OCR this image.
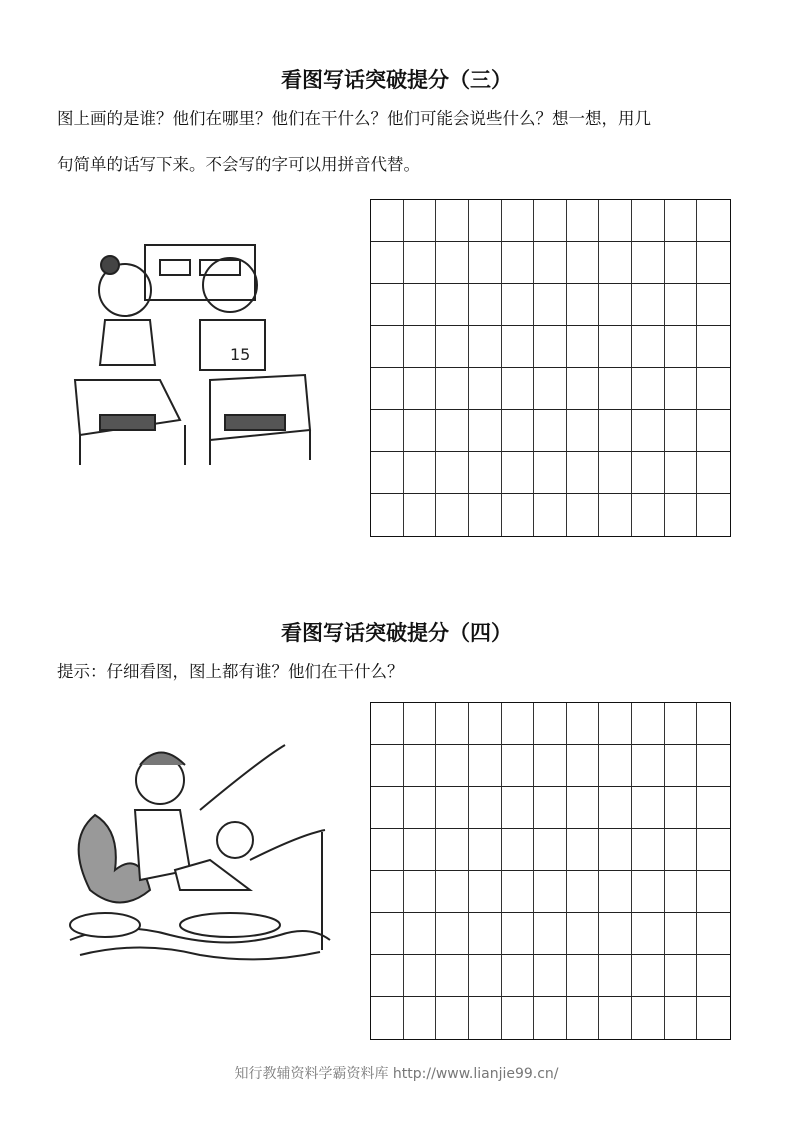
看图写话突破提分（三）
图上画的是谁？他们在哪里？他们在干什么？他们可能会说些什么？想一想，用几
句简单的话写下来。不会写的字可以用拼音代替。
15
看图写话突破提分（四）
提示：仔细看图，图上都有谁？他们在干什么？
知行教辅资料学霸资料库 http://www.lianjie99.cn/
